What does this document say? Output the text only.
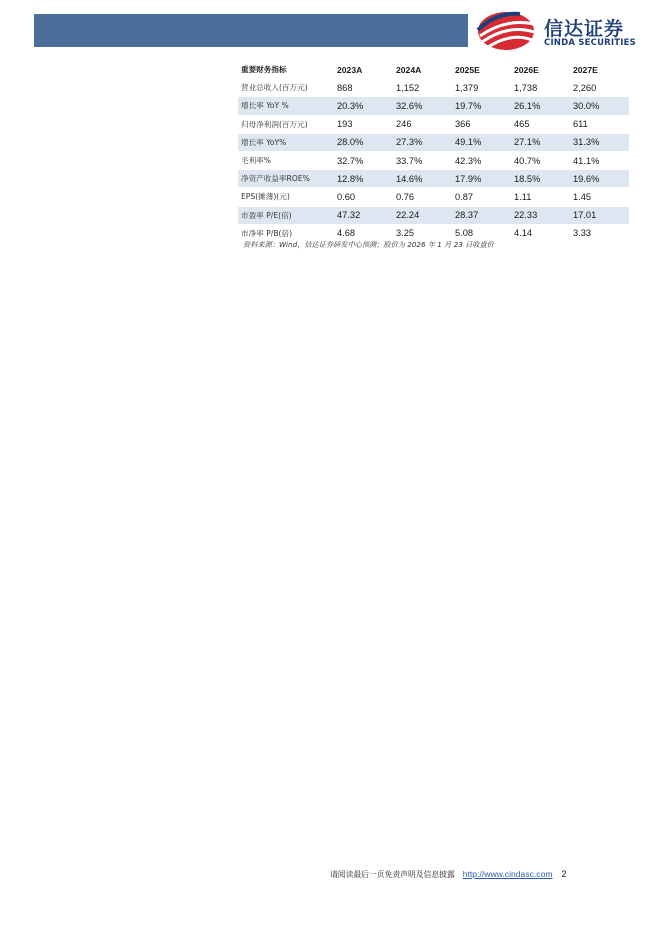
信达证券
CINDA SECURITIES
重要财务指标	2023A	2024A	2025E	2026E	2027E
营业总收入(百万元)	868	1,152	1,379	1,738	2,260
增长率 YoY %	20.3%	32.6%	19.7%	26.1%	30.0%
归母净利润(百万元)	193	246	366	465	611
增长率 YoY%	28.0%	27.3%	49.1%	27.1%	31.3%
毛利率%	32.7%	33.7%	42.3%	40.7%	41.1%
净资产收益率ROE%	12.8%	14.6%	17.9%	18.5%	19.6%
EPS(摊薄)(元)	0.60	0.76	0.87	1.11	1.45
市盈率 P/E(倍)	47.32	22.24	28.37	22.33	17.01
市净率 P/B(倍)	4.68	3.25	5.08	4.14	3.33
资料来源：Wind，信达证券研发中心预测；股价为 2026 年 1 月 23 日收盘价
请阅读最后一页免责声明及信息披露 http://www.cindasc.com 2
